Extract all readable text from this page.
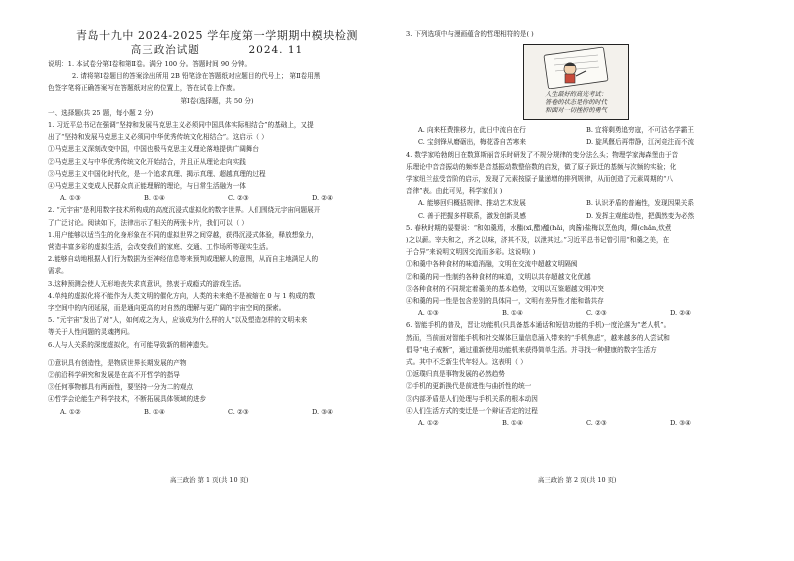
青岛十九中 2024-2025 学年度第一学期期中模块检测

高三政治试题	2024. 11

说明：1. 本试卷分第Ⅰ卷和第Ⅱ卷。满分 100 分。答题时间 90 分钟。

2. 请将第Ⅰ卷题目的答案涂出所用 2B 铅笔涂在答题纸对应题目的代号上； 第Ⅱ卷用黑

色签字笔将正确答案写在答题纸对应的位置上，答在试卷上作废。

第Ⅰ卷(选择题，共 50 分)

一、选择题(共 25 题，每小题 2 分)

1. 习近平总书记在强调“坚持和发展马克思主义必须同中国具体实际相结合”的基础上，又提

出了“坚持和发展马克思主义必须同中华优秀传统文化相结合”。这启示（ ）

①马克思主义深刻改变中国，中国也极马克思主义理论落地提供广阔舞台

②马克思主义与中华优秀传统文化开始结合，并且正从理论走向实践

③马克思主义中国化时代化，是一个追求真理、揭示真理、超越真理的过程

④马克思主义变成人民群众真正能理解的理论，与日常生活融为一体

A. ①③	B. ①④	C. ②③	D. ②④

2. “元宇宙”是利用数字技术所构成的高度沉浸式虚拟化的数字世界。人们围绕元宇宙问题展开

了广泛讨论。阅读如下，法律出示了相关的两张卡片，我们可以（ ）

1.用户能够以适当生的化身形象在不同的虚拟世界之间穿越，获得沉浸式体验，释放想象力，

营造丰富多彩的虚拟生活，会改变我们的家庭、交通、工作场所等现实生活。

2.能够自动地根据人们行为数据为至神经信息等来预判或理解人的意图，从而自主地满足人的

需求。

3.这种预测会使人无形地丧失求真意识，热衷于成瘾式的游戏生活。

4.单纯的虚拟化将不能作为人类文明的催化方向，人类的未来绝不是被缩在 0 与 1 构成的数

字空间中的内闭延展，而是通向更高的对自然的理解与更广阔的宇宙空间的探索。

5. “元宇宙”发出了对“人，如何成之为人，应该成为什么样的人”以及塑造怎样的文明未来

等关于人性问题的灵魂拷问。

6.人与人关系的深度虚拟化，有可能导致新的精神遗失。

①意识具有创造性，是物质世界长期发展的产物

②前沿科学研究和发展是在高不开哲学的指导

③任何事物都具有两面性，要坚持一分为二的观点

④哲学会论能生产科学技术，不断拓展具体领域的进步

A. ①②	B. ①④	C. ②③	D. ③④

3. 下列选项中与漫画蕴含的哲理相符的是( )

人生最好的高光考试：
答卷的状态是你的时代
和面对一切挫折的勇气

A. 向来枉费推移力，此日中流自在行	B. 宜将剩勇追穷寇，不可沽名学霸王

C. 宝剑锋从磨砺出，梅花香自苦寒来	D. 旋风偃后再带静，江河竞注而不流

4. 数学家哈勃朗日在数算斯丽音乐时研发了不规分规律的变分法么头；物理学家海森堡由于音

乐理论中音音振动的频率是音基振动数整倍数的启发，做了原子跃迁的基频与次频的实验；化

学家纽兰兹受音阶的启示，发现了元素按原子量递增的排列规律，从而创造了元素周期的“八

音律”表。由此可见，科学家们( )

A. 能够回归概括规律、推动艺术发展	B. 认识矛盾的普遍性，发现因果关系

C. 善于把握多样联系，激发创新灵感	D. 发挥主观能动性，把偶然变为必然

5. 春秋时期的晏婴说：“和如羹焉，水醢(xī,醋)醯(hǎi，肉酱)盐梅以烹鱼肉，燀(chǎn,炊煮

)之以薪。宰夫和之，齐之以味，济其不及，以泄其过。”习近平总书记曾引用“和羹之美，在

于合异”来说明文明因交流而多彩。这说明( )

①和羹中各种食材的味道消融，文明在交流中超越文明隔阂

②和羹的同一性制约各种食材的味道，文明以共存超越文化优越

③各种食材的不同规定着羹美的基本趋势，文明以互鉴超越文明冲突

④和羹的同一性是包含差别的具体同一，文明有差异性才能和谐共存

A. ①③	B. ①④	C. ②③	D. ②④

6. 智能手机的普及，晋让功能机(只具备基本通话和短信功能的手机)一度沦落为“老人机”。

然而，当前面对智能手机和社交媒体巨量信息涌入带来的“手机焦虑”，越来越多的人尝试和

倡导“电子戒断”，通过重新使用功能机来获得简单生活。并寻找一种健康的数字生活方

式。其中不乏新生代年轻人。这表明（ ）

①返璞归真是事物发展的必然趋势

②手机的更新换代是前进性与曲折性的统一

③内部矛盾是人们处理与手机关系的根本动因

④人们生活方式的变迁是一个辩证否定的过程

A. ①②	B. ①④	C. ②③	D. ③④

高三政治 第 1 页(共 10 页)	高三政治 第 2 页(共 10 页)
